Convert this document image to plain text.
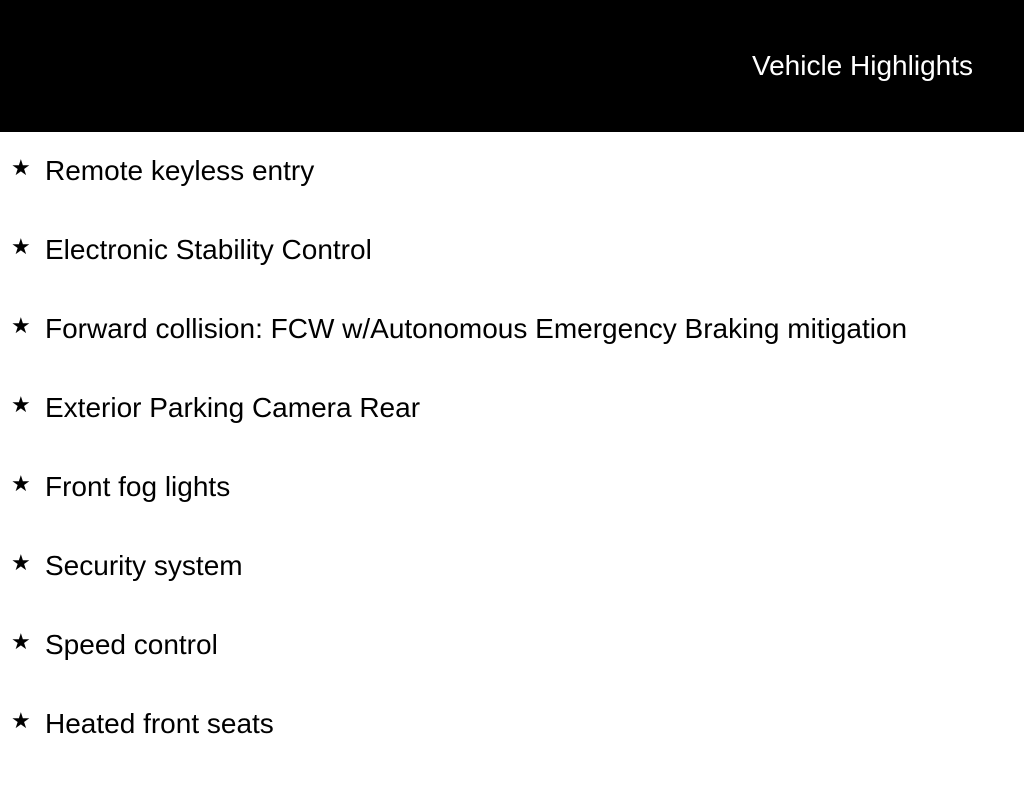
Vehicle Highlights
★ Remote keyless entry
★ Electronic Stability Control
★ Forward collision: FCW w/Autonomous Emergency Braking mitigation
★ Exterior Parking Camera Rear
★ Front fog lights
★ Security system
★ Speed control
★ Heated front seats
